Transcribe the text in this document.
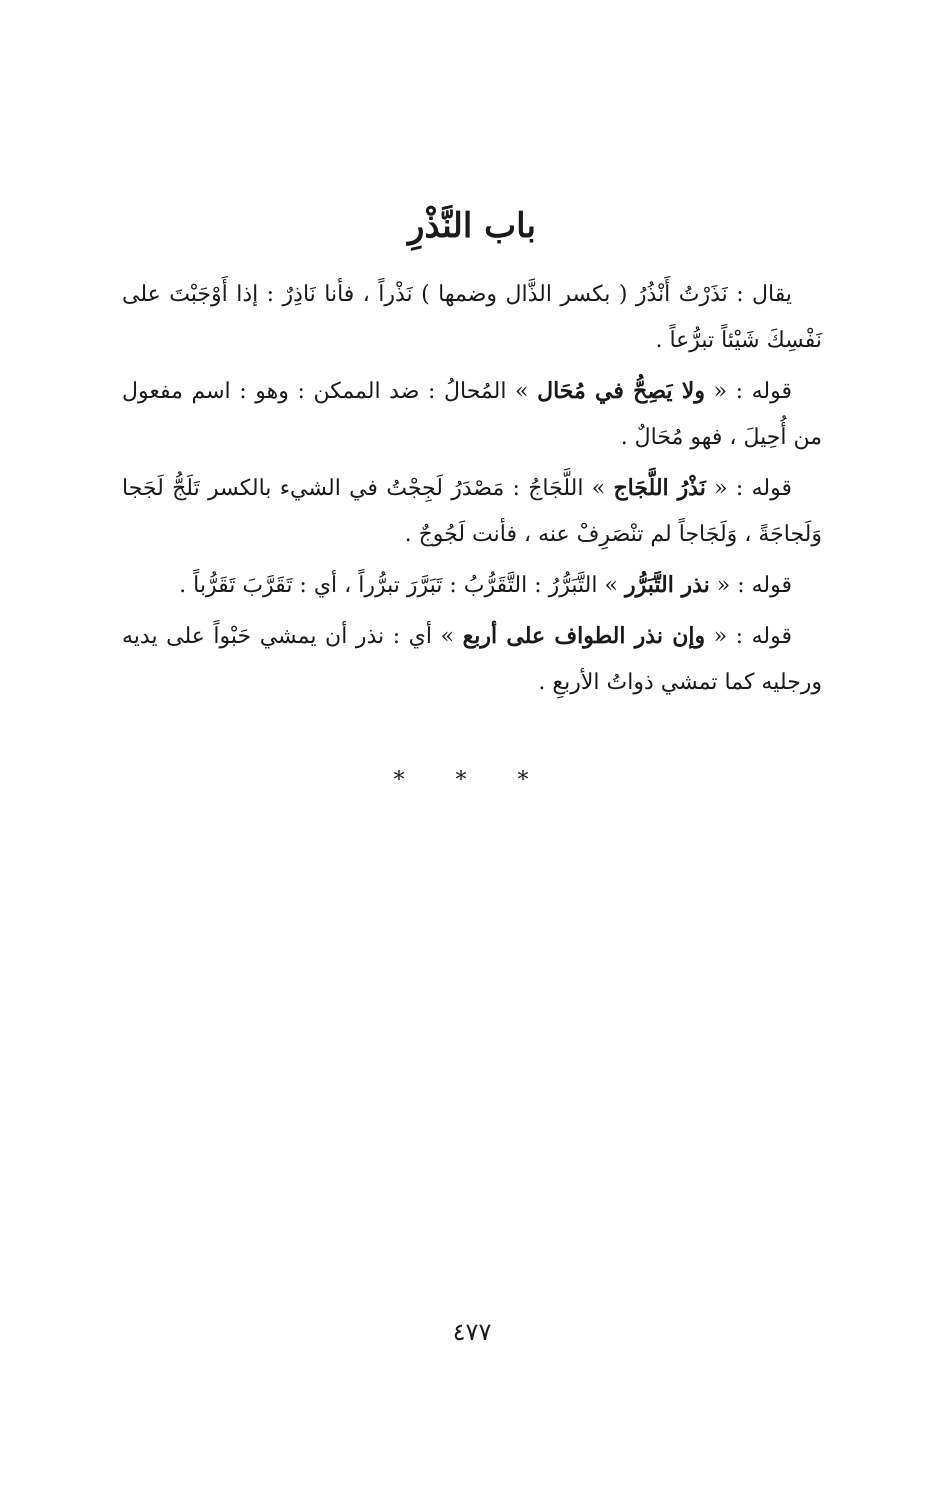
باب النَّذْرِ

يقال : نَذَرْتُ أَنْذُرُ ( بكسر الذَّال وضمها ) نَذْراً ، فأنا نَاذِرٌ : إذا أَوْجَبْتَ على نَفْسِكَ شَيْئاً تبرُّعاً .

قوله : « ولا يَصِحُّ في مُحَال » المُحالُ : ضد الممكن : وهو : اسم مفعول من أُحِيلَ ، فهو مُحَالٌ .

قوله : « نَذْرُ اللَّجَاج » اللَّجَاجُ : مَصْدَرُ لَجِجْتُ في الشيء بالكسر تَلَجُّ لَجَجا وَلَجاجَةً ، وَلَجَاجاً لم تنْصَرِفْ عنه ، فأنت لَجُوجٌ .

قوله : « نذر التَّبَرُّر » التَّبَرُّرُ : التَّقَرُّبُ : تَبَرَّرَ تبرُّراً ، أي : تَقَرَّبَ تَقَرُّباً .

قوله : « وإن نذر الطواف على أربع » أي : نذر أن يمشي حَبْواً على يديه ورجليه كما تمشي ذواتُ الأربعِ .

* * *
٤٧٧
